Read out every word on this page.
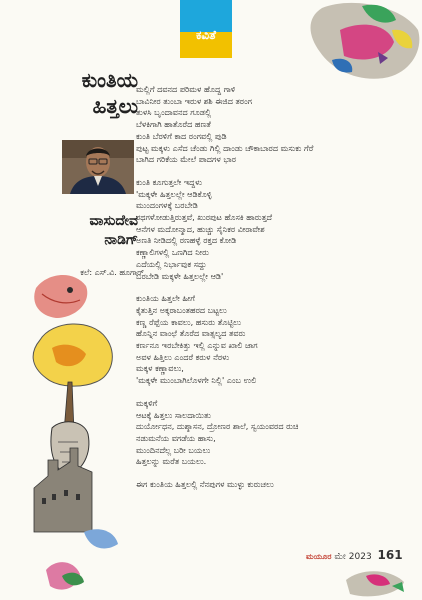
ಕವಿತೆ
ಕುಂತಿಯ
ಹಿತ್ತಲು
ವಾಸುದೇವ
ನಾಡಿಗ್
ಕಲೆ: ಎಸ್.ವಿ. ಹೂಗಾರ್
ಮಲ್ಲಿಗೆ ದವನದ ಪರಿಮಳ ಹೊದ್ದ ಗಾಳಿ
ಬಾವಿನೀರ ತುಂಬಾ ಇರುಳ ಶಶಿ ಈಜಿದ ತರಂಗ
ತುಳಸಿ ಬೃಂದಾವನದ ಗೂಡಲ್ಲಿ
ಬೆಳಕಿಗಾಗಿ ಹಾತೊರೆದ ಹಣತೆ
ಕುಂತಿ ಬೆರಳಿಗೆ ಕಾದ ರಂಗವಲ್ಲಿ ಪುಡಿ
ಪುಟ್ಟ ಮಕ್ಕಳು ಎಸೆದ ಚೆಂಡು ಗಿಲ್ಲಿ ದಾಂಡು ಚೌಕಾಬಾರದ ಮಸುಕು ಗೆರೆ
ಬಾಗಿದ ಗರಿಕೆಯ ಮೇಲೆ ಪಾದಗಳ ಭಾರ
ಕುಂತಿ ಕೂಗುತ್ತಲೇ ಇದ್ದಳು
'ಮಕ್ಕಳೇ ಹಿತ್ತಲಲ್ಲೇ ಆಡಿಕೊಳ್ಳಿ
ಮುಂದಂಗಳಕ್ಕೆ ಬರಬೇಡಿ
ರಥಗಳೋಡುತ್ತಿರುತ್ತವೆ, ಖುರಪುಟ ಹೊಸಕಿ ಹಾರುತ್ತದೆ
ಆನೆಗಳ ಮದೋನ್ಮಾದ, ಹುಚ್ಚು ಸೈನಿಕರ ವೀರಾವೇಶ
ಅಣತಿ ನೀಡಿದಲ್ಲಿ ರಣಹಳ್ಳೆ ರಕ್ತದ ಕೋಡಿ
ಕಣ್ಣಾಲಿಗಳಲ್ಲಿ ಒಣಗಿದ ನೀರು
ಎದೆಯಲ್ಲಿ ನಿರ್ಭಾವುಕ ಸದ್ದು
ಬರಬೇಡಿ ಮಕ್ಕಳೇ ಹಿತ್ತಲಲ್ಲೇ ಆಡಿ'
ಕುಂತಿಯ ಹಿತ್ತಲೇ ಹೀಗೆ
ಕೈತುತ್ತಿನ ಅಕ್ಕರಾಬಂತಹರದ ಬಟ್ಟಲು
ಕಣ್ಣ ರೆಪ್ಪೆಯ ಕಾವಲು, ಹಸುರು ತೊಟ್ಟಿಲು
ಹೊನ್ನಿನ ವಾಂಛೆ ತೊರೆದ ವಾತ್ಸಲ್ಯದ ತವರು
ಕರ್ಣನೂ ಇರಬೇಕಿತ್ತು ಇಲ್ಲಿ ಎನ್ನುವ ಖಾಲಿ ಜಾಗ
ಅವಳ ಹಿತ್ತಿಲು ಎಂದರೆ ಕರುಳ ನೆರಳು
ಮಕ್ಕಳ ಕಣ್ಣಾವಲು,
'ಮಕ್ಕಳೇ ಮುಂಬಾಗಿಲೊಳಗೇ ನಿಲ್ಲಿ' ಎಂಬ ಉಲಿ
ಮಕ್ಕಳಿಗೆ
ಆಟಕ್ಕೆ ಹಿತ್ತಲು ಸಾಲದಾಯಿತು
ದುರ್ಯೋಧನ, ದುಶ್ಶಾಸನ, ದ್ರೋಣರ ಶಾಲೆ, ಸ್ವಯಂವರದ ರುಚಿ
ನಡುಮನೆಯ ವಗಡೆಯ ಹಾಸು,
ಮುಂದಿನದೆಲ್ಲ ಬರೀ ಬಯಲು
ಹಿತ್ತಲನ್ನು ಮರೆತ ಬಯಲು.
ಈಗ ಕುಂತಿಯ ಹಿತ್ತಲಲ್ಲಿ ನೆನಪುಗಳ ಮುಳ್ಳು ಕುರುಚಲು
ಮಯೂರ ಮೇ 2023 161
